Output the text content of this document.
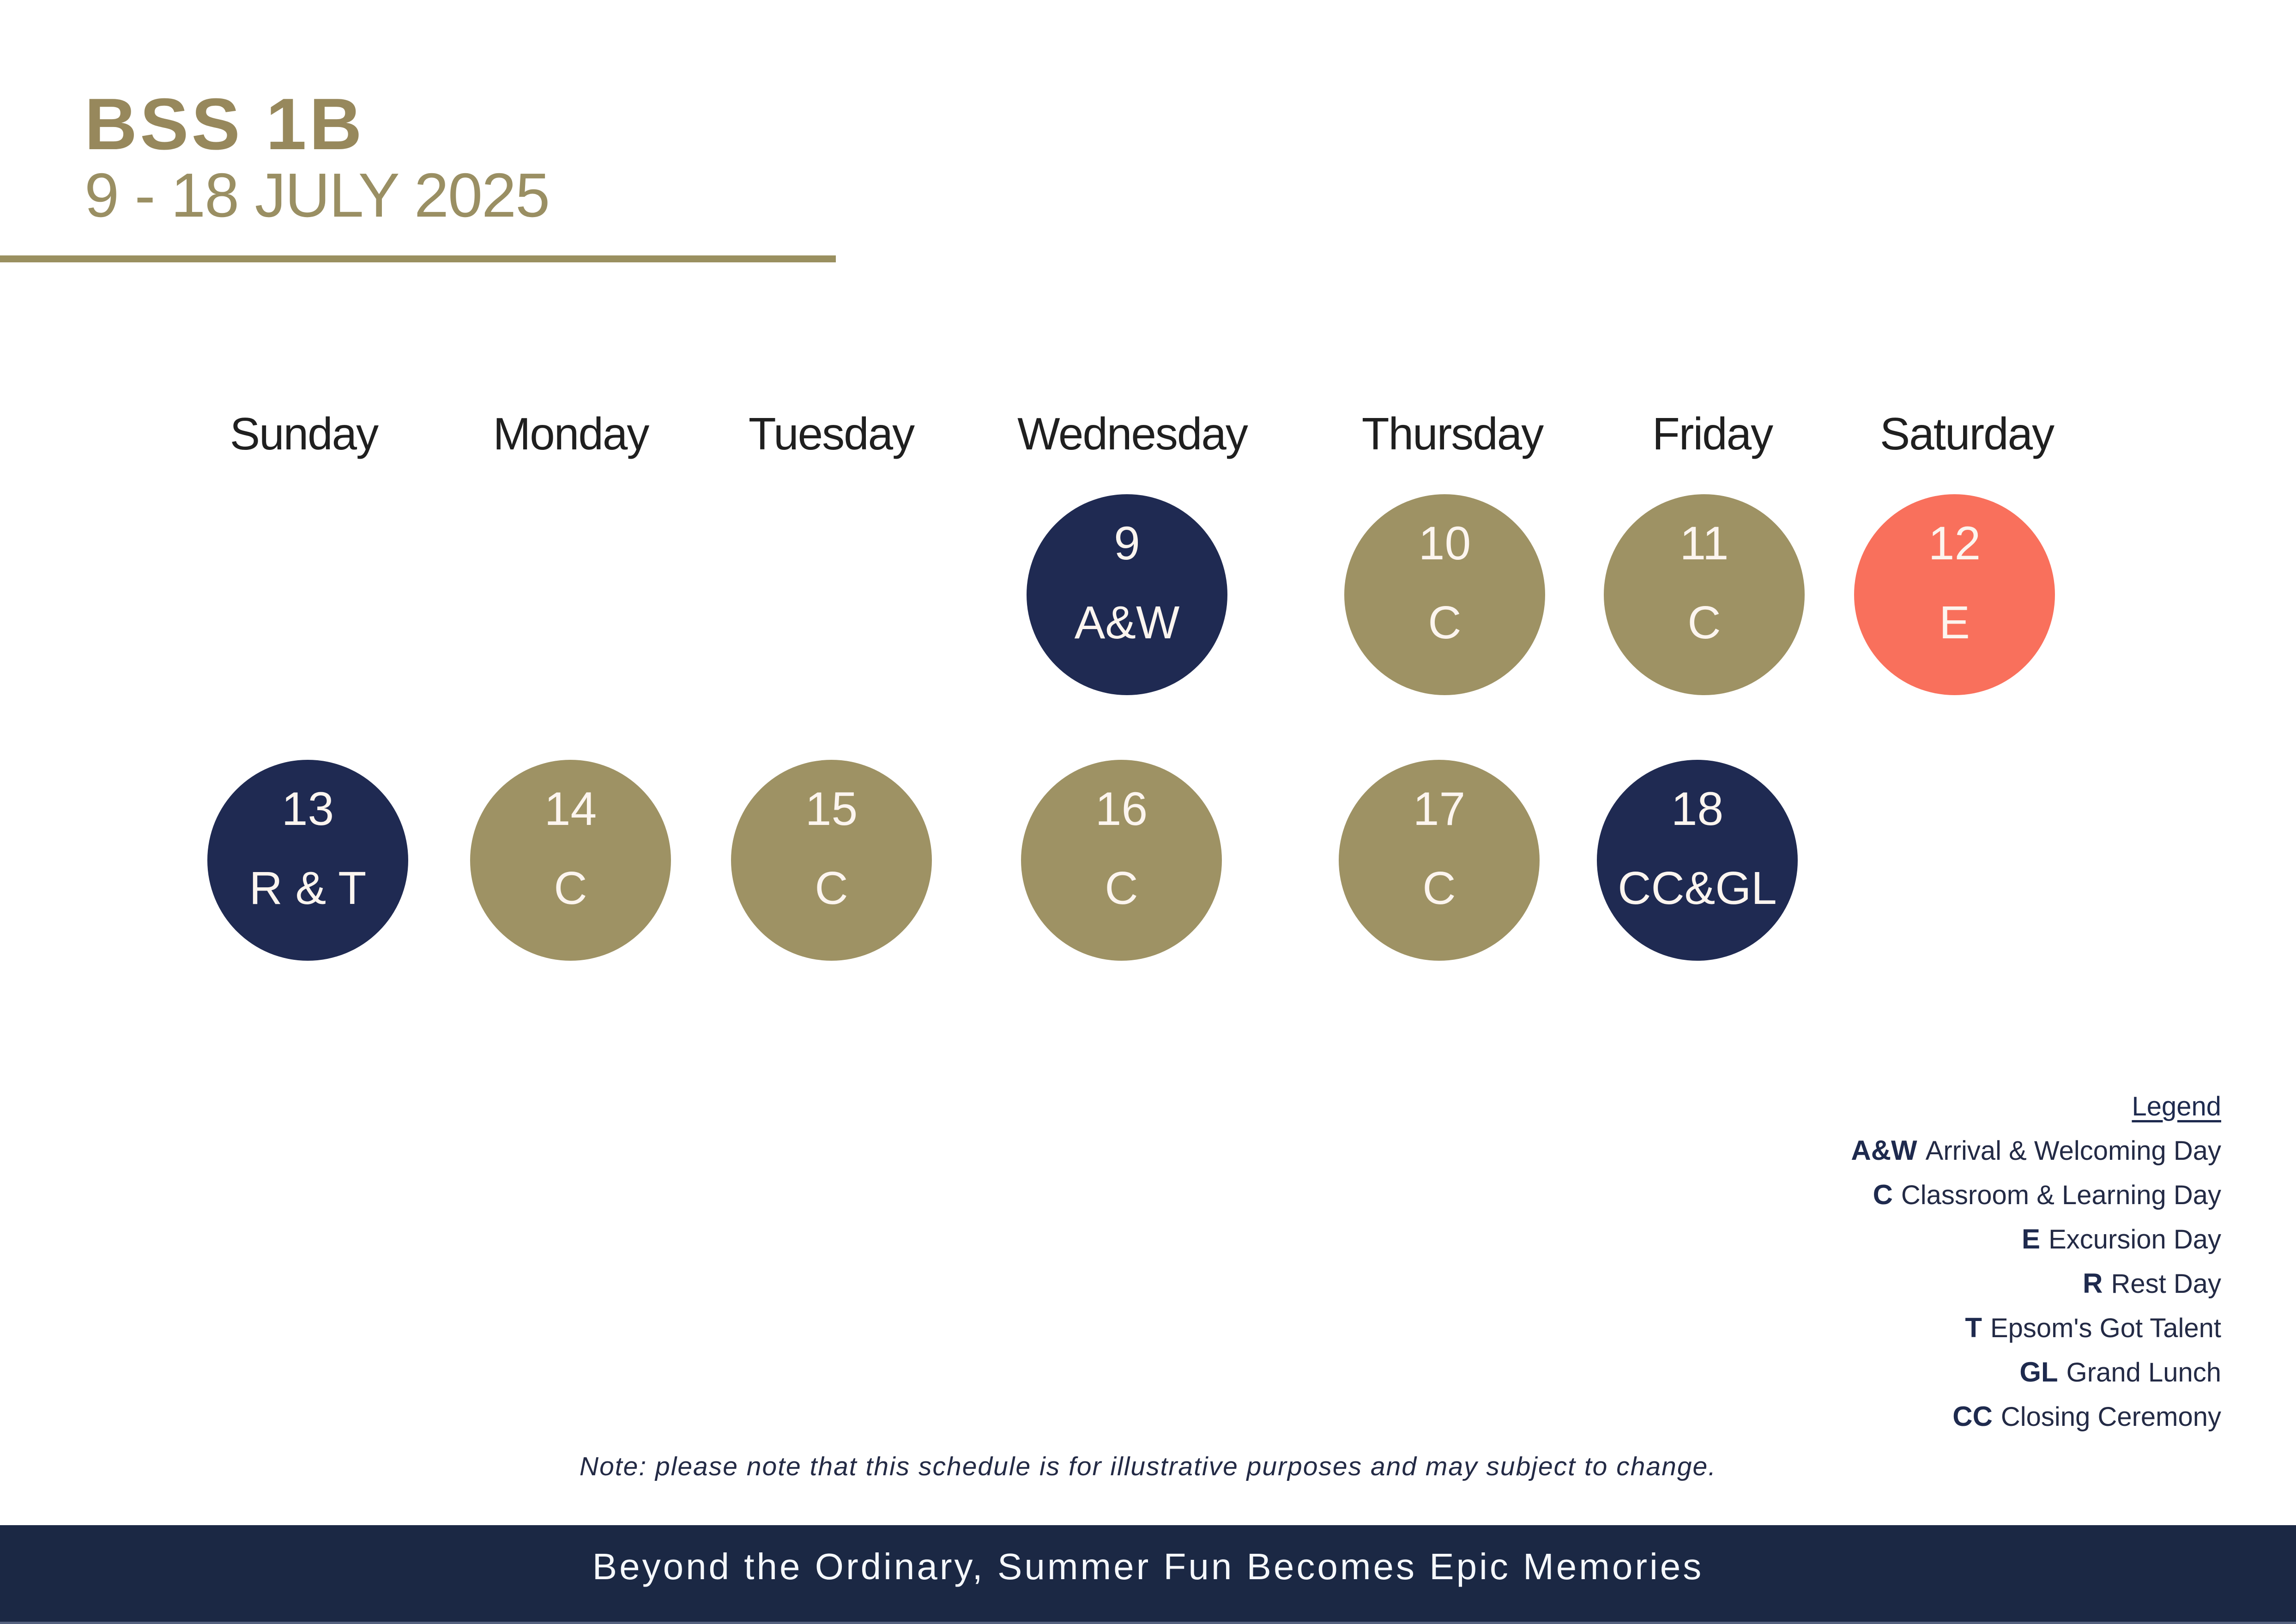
BSS 1B
9 - 18 JULY 2025
Sunday	Monday Tuesday Wednesday	Thursday Friday Saturday
9
A&W
10
C
11
C
12
E
13
R & T
14
C
15
C
16
C
17
C
18
CC&GL
Legend
A&W Arrival & Welcoming Day
C Classroom & Learning Day
E Excursion Day
R Rest Day
T Epsom's Got Talent
GL Grand Lunch
CC Closing Ceremony
Note: please note that this schedule is for illustrative purposes and may subject to change.
Beyond the Ordinary, Summer Fun Becomes Epic Memories
